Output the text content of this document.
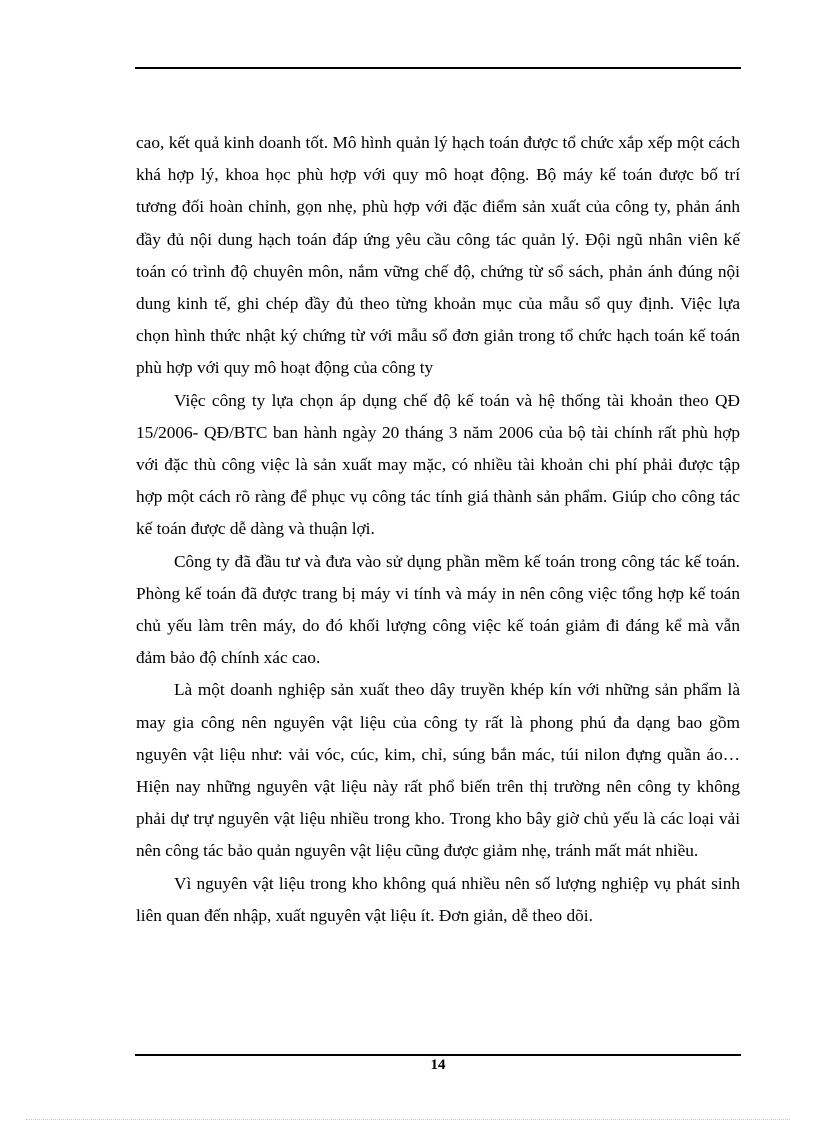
cao, kết quả kinh doanh tốt. Mô hình quản lý hạch toán được tổ chức xắp xếp một cách khá hợp lý, khoa học phù hợp với quy mô hoạt động. Bộ máy kế toán được bố trí tương đối hoàn chỉnh, gọn nhẹ, phù hợp với đặc điểm sản xuất của công ty, phản ánh đầy đủ nội dung hạch toán đáp ứng yêu cầu công tác quản lý. Đội ngũ nhân viên kế toán có trình độ chuyên môn, nắm vững chế độ, chứng từ sổ sách, phản ánh đúng nội dung kinh tế, ghi chép đầy đủ theo từng khoản mục của mẫu sổ quy định. Việc lựa chọn hình thức nhật ký chứng từ với mẫu sổ đơn giản trong tổ chức hạch toán kế toán phù hợp với quy mô hoạt động của công ty

Việc công ty lựa chọn áp dụng chế độ kế toán và hệ thống tài khoản theo QĐ 15/2006- QĐ/BTC ban hành ngày 20 tháng 3 năm 2006 của bộ tài chính rất phù hợp với đặc thù công việc là sản xuất may mặc, có nhiều tài khoản chi phí phải được tập hợp một cách rõ ràng để phục vụ công tác tính giá thành sản phẩm. Giúp cho công tác kế toán được dễ dàng và thuận lợi.

Công ty đã đầu tư và đưa vào sử dụng phần mềm kế toán trong công tác kế toán. Phòng kế toán đã được trang bị máy vi tính và máy in nên công việc tổng hợp kế toán chủ yếu làm trên máy, do đó khối lượng công việc kế toán giảm đi đáng kể mà vẫn đảm bảo độ chính xác cao.

Là một doanh nghiệp sản xuất theo dây truyền khép kín với những sản phẩm là may gia công nên nguyên vật liệu của công ty rất là phong phú đa dạng bao gồm nguyên vật liệu như: vải vóc, cúc, kim, chỉ, súng bắn mác, túi nilon đựng quần áo… Hiện nay những nguyên vật liệu này rất phổ biến trên thị trường nên công ty không phải dự trự nguyên vật liệu nhiều trong kho. Trong kho bây giờ chủ yếu là các loại vải nên công tác bảo quản nguyên vật liệu cũng được giảm nhẹ, tránh mất mát nhiều.

Vì nguyên vật liệu trong kho không quá nhiều nên số lượng nghiệp vụ phát sinh liên quan đến nhập, xuất nguyên vật liệu ít. Đơn giản, dễ theo dõi.

14
